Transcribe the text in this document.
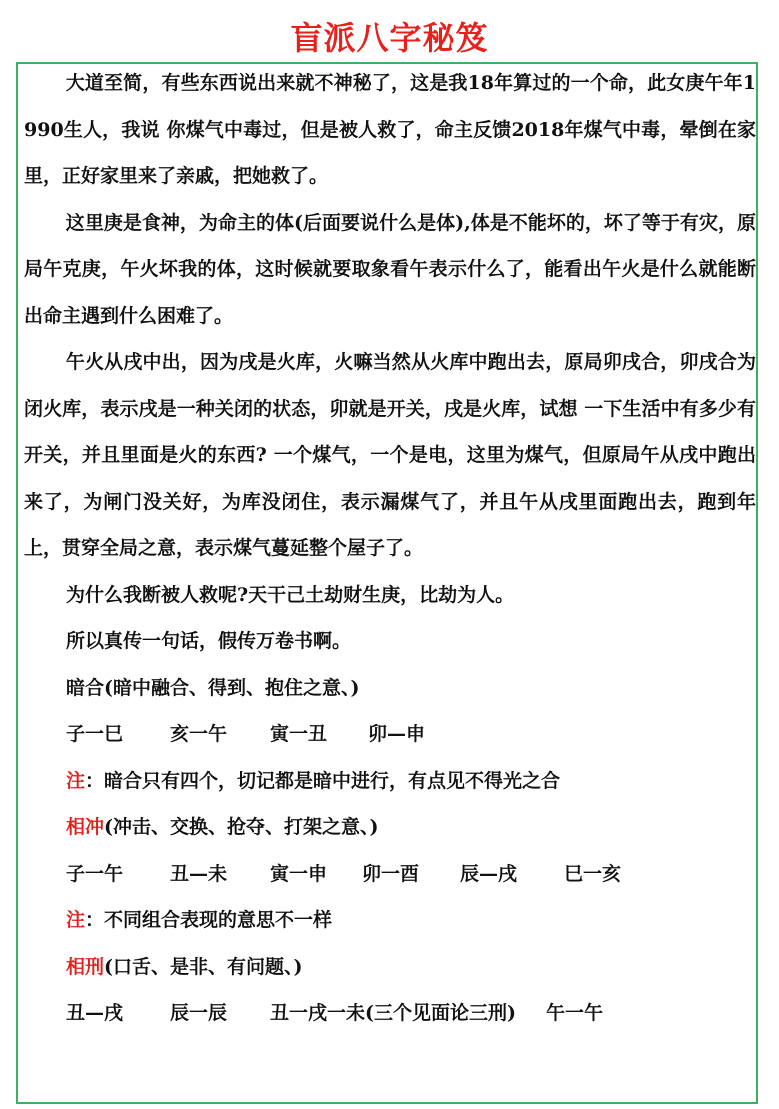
盲派八字秘笈

大道至简，有些东西说出来就不神秘了，这是我18年算过的一个命，此女庚午年1990生人，我说 你煤气中毒过，但是被人救了，命主反馈2018年煤气中毒，晕倒在家里，正好家里来了亲戚，把她救了。

这里庚是食神，为命主的体(后面要说什么是体),体是不能坏的，坏了等于有灾，原局午克庚，午火坏我的体，这时候就要取象看午表示什么了，能看出午火是什么就能断出命主遇到什么困难了。

午火从戌中出，因为戌是火库，火嘛当然从火库中跑出去，原局卯戌合，卯戌合为闭火库，表示戌是一种关闭的状态，卯就是开关，戌是火库，试想 一下生活中有多少有开关，并且里面是火的东西? 一个煤气，一个是电，这里为煤气，但原局午从戌中跑出来了，为闸门没关好，为库没闭住，表示漏煤气了，并且午从戌里面跑出去，跑到年上，贯穿全局之意，表示煤气蔓延整个屋子了。

为什么我断被人救呢?天干己土劫财生庚，比劫为人。

所以真传一句话，假传万卷书啊。

暗合(暗中融合、得到、抱住之意、)

子一巳 亥一午 寅一丑 卯—申

注：暗合只有四个，切记都是暗中进行，有点见不得光之合

相冲(冲击、交换、抢夺、打架之意、)

子一午 丑—未 寅一申 卯一酉 辰—戌 巳一亥

注：不同组合表现的意思不一样

相刑(口舌、是非、有问题、)

丑—戌 辰一辰 丑一戌一未(三个见面论三刑) 午一午
